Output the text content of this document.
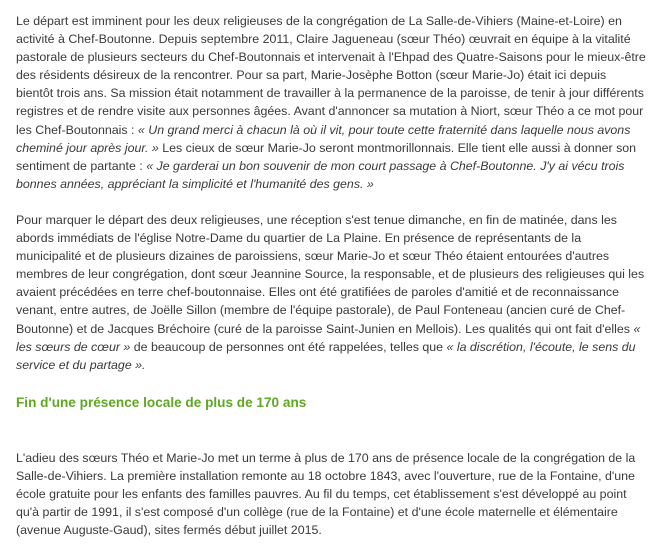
Le départ est imminent pour les deux religieuses de la congrégation de La Salle-de-Vihiers (Maine-et-Loire) en activité à Chef-Boutonne. Depuis septembre 2011, Claire Jagueneau (sœur Théo) œuvrait en équipe à la vitalité pastorale de plusieurs secteurs du Chef-Boutonnais et intervenait à l'Ehpad des Quatre-Saisons pour le mieux-être des résidents désireux de la rencontrer. Pour sa part, Marie-Josèphe Botton (sœur Marie-Jo) était ici depuis bientôt trois ans. Sa mission était notamment de travailler à la permanence de la paroisse, de tenir à jour différents registres et de rendre visite aux personnes âgées. Avant d'annoncer sa mutation à Niort, sœur Théo a ce mot pour les Chef-Boutonnais : « Un grand merci à chacun là où il vit, pour toute cette fraternité dans laquelle nous avons cheminé jour après jour. » Les cieux de sœur Marie-Jo seront montmorillonnais. Elle tient elle aussi à donner son sentiment de partante : « Je garderai un bon souvenir de mon court passage à Chef-Boutonne. J'y ai vécu trois bonnes années, appréciant la simplicité et l'humanité des gens. »

Pour marquer le départ des deux religieuses, une réception s'est tenue dimanche, en fin de matinée, dans les abords immédiats de l'église Notre-Dame du quartier de La Plaine. En présence de représentants de la municipalité et de plusieurs dizaines de paroissiens, sœur Marie-Jo et sœur Théo étaient entourées d'autres membres de leur congrégation, dont sœur Jeannine Source, la responsable, et de plusieurs des religieuses qui les avaient précédées en terre chef-boutonnaise. Elles ont été gratifiées de paroles d'amitié et de reconnaissance venant, entre autres, de Joëlle Sillon (membre de l'équipe pastorale), de Paul Fonteneau (ancien curé de Chef-Boutonne) et de Jacques Bréchoire (curé de la paroisse Saint-Junien en Mellois). Les qualités qui ont fait d'elles « les sœurs de cœur » de beaucoup de personnes ont été rappelées, telles que « la discrétion, l'écoute, le sens du service et du partage ».

Fin d'une présence locale de plus de 170 ans

L'adieu des sœurs Théo et Marie-Jo met un terme à plus de 170 ans de présence locale de la congrégation de la Salle-de-Vihiers. La première installation remonte au 18 octobre 1843, avec l'ouverture, rue de la Fontaine, d'une école gratuite pour les enfants des familles pauvres. Au fil du temps, cet établissement s'est développé au point qu'à partir de 1991, il s'est composé d'un collège (rue de la Fontaine) et d'une école maternelle et élémentaire (avenue Auguste-Gaud), sites fermés début juillet 2015.
